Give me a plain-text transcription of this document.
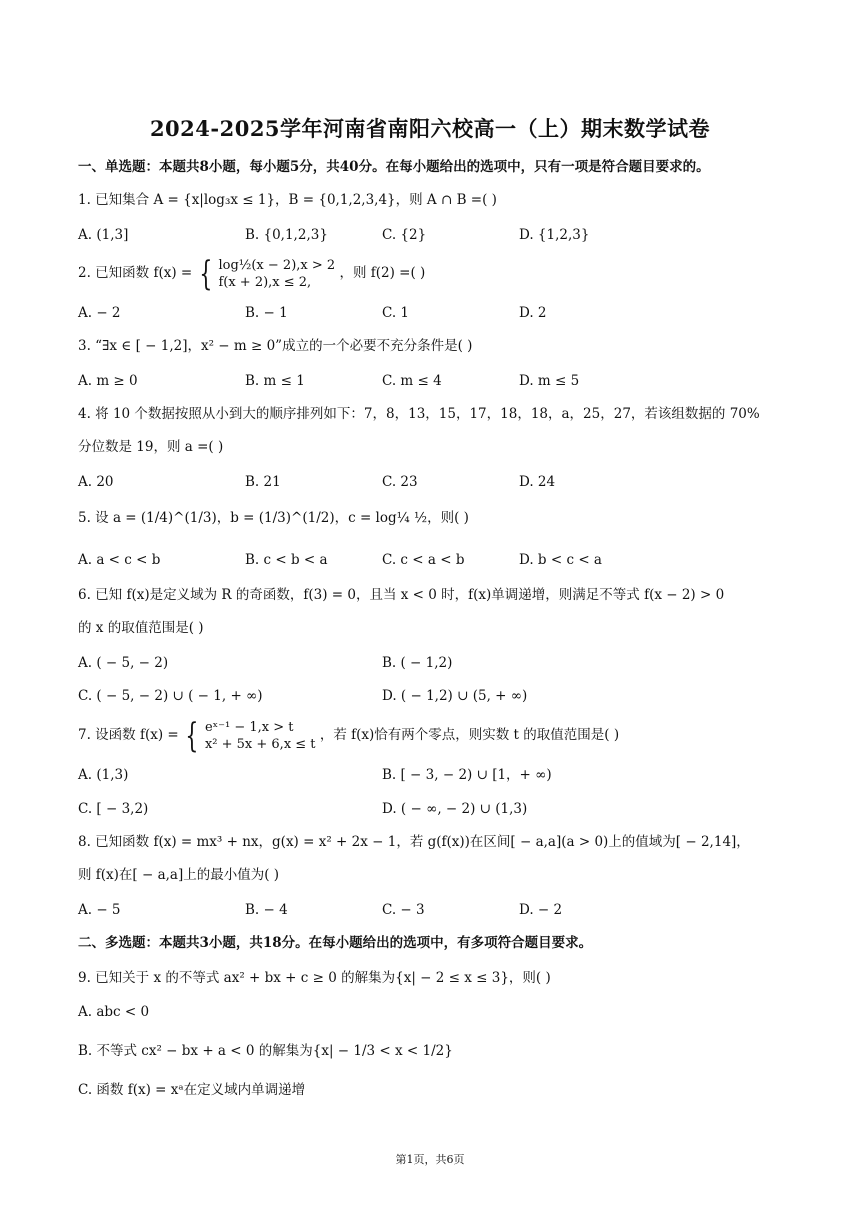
2024-2025学年河南省南阳六校高一（上）期末数学试卷
一、单选题：本题共8小题，每小题5分，共40分。在每小题给出的选项中，只有一项是符合题目要求的。
1. 已知集合 A = {x|log₃x ≤ 1}，B = {0,1,2,3,4}，则 A ∩ B =( )
A. (1,3]	B. {0,1,2,3}	C. {2}	D. {1,2,3}
2. 已知函数 f(x) = { log½(x − 2),x > 2
f(x + 2),x ≤ 2,
，则 f(2) =( )
A. − 2	B. − 1	C. 1	D. 2
3. “∃x ∈ [ − 1,2]，x² − m ≥ 0”成立的一个必要不充分条件是( )
A. m ≥ 0	B. m ≤ 1	C. m ≤ 4	D. m ≤ 5
4. 将 10 个数据按照从小到大的顺序排列如下：7，8，13，15，17，18，18，a，25，27，若该组数据的 70%
分位数是 19，则 a =( )
A. 20	B. 21	C. 23	D. 24
5. 设 a = (1/4)^(1/3)，b = (1/3)^(1/2)，c = log¼ ½，则( )
A. a < c < b	B. c < b < a	C. c < a < b	D. b < c < a
6. 已知 f(x)是定义域为 R 的奇函数，f(3) = 0，且当 x < 0 时，f(x)单调递增，则满足不等式 f(x − 2) > 0
的 x 的取值范围是( )
A. ( − 5, − 2)	B. ( − 1,2)
C. ( − 5, − 2) ∪ ( − 1, + ∞)	D. ( − 1,2) ∪ (5, + ∞)
7. 设函数 f(x) = { eˣ⁻¹ − 1,x > t
x² + 5x + 6,x ≤ t
，若 f(x)恰有两个零点，则实数 t 的取值范围是( )
A. (1,3)	B. [ − 3, − 2) ∪ [1，+ ∞)
C. [ − 3,2)	D. ( − ∞, − 2) ∪ (1,3)
8. 已知函数 f(x) = mx³ + nx，g(x) = x² + 2x − 1，若 g(f(x))在区间[ − a,a](a > 0)上的值域为[ − 2,14]，
则 f(x)在[ − a,a]上的最小值为( )
A. − 5	B. − 4	C. − 3	D. − 2
二、多选题：本题共3小题，共18分。在每小题给出的选项中，有多项符合题目要求。
9. 已知关于 x 的不等式 ax² + bx + c ≥ 0 的解集为{x| − 2 ≤ x ≤ 3}，则( )
A. abc < 0
B. 不等式 cx² − bx + a < 0 的解集为{x| − 1/3 < x < 1/2}
C. 函数 f(x) = xᵃ在定义域内单调递增
第1页，共6页
